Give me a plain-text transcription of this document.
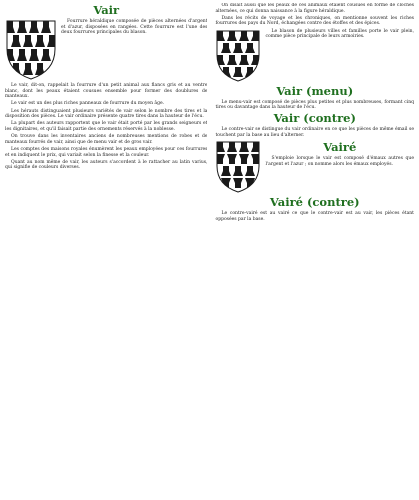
Vair

Fourrure héraldique composée de pièces alternées d'argent et d'azur, disposées en rangées. Cette fourrure est l'une des deux fourrures principales du blason.

Le vair, dit-on, rappelait la fourrure d'un petit animal aux flancs gris et au ventre blanc, dont les peaux étaient cousues ensemble pour former des doublures de manteaux.

Le vair est un des plus riches panneaux de fourrure du moyen âge.

Les hérauts distinguaient plusieurs variétés de vair selon le nombre des tires et la disposition des pièces. Le vair ordinaire présente quatre tires dans la hauteur de l'écu.

La plupart des auteurs rapportent que le vair était porté par les grands seigneurs et les dignitaires, et qu'il faisait partie des ornements réservés à la noblesse.

On trouve dans les inventaires anciens de nombreuses mentions de robes et de manteaux fourrés de vair, ainsi que de menu vair et de gros vair.

Les comptes des maisons royales énumèrent les peaux employées pour ces fourrures et en indiquent le prix, qui variait selon la finesse et la couleur.

Quant au nom même de vair, les auteurs s'accordent à le rattacher au latin varius, qui signifie de couleurs diverses.

On disait aussi que les peaux de ces animaux étaient cousues en forme de cloches alternées, ce qui donna naissance à la figure héraldique.

Dans les récits de voyage et les chroniques, on mentionne souvent les riches fourrures des pays du Nord, échangées contre des étoffes et des épices.

Le blason de plusieurs villes et familles porte le vair plein, comme pièce principale de leurs armoiries.

Vair (menu)

Le menu-vair est composé de pièces plus petites et plus nombreuses, formant cinq tires ou davantage dans la hauteur de l'écu.

Vair (contre)

Le contre-vair se distingue du vair ordinaire en ce que les pièces de même émail se touchent par la base au lieu d'alterner.

Vairé

S'emploie lorsque le vair est composé d'émaux autres que l'argent et l'azur ; on nomme alors les émaux employés.

Vairé (contre)

Le contre-vairé est au vairé ce que le contre-vair est au vair, les pièces étant opposées par la base.
